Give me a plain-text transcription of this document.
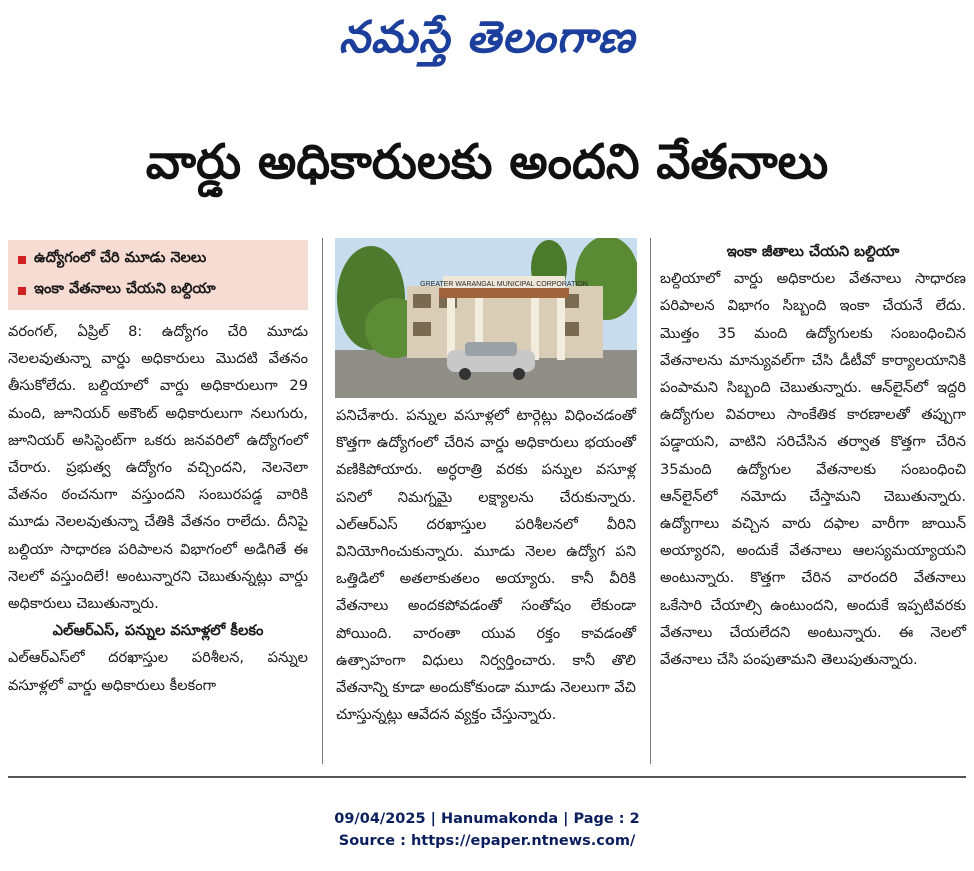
నమస్తే తెలంగాణ
వార్డు అధికారులకు అందని వేతనాలు
ఉద్యోగంలో చేరి మూడు నెలలు
ఇంకా వేతనాలు చేయని బల్దియా
వరంగల్, ఏప్రిల్ 8: ఉద్యోగం చేరి మూడు నెలలవుతున్నా వార్డు అధికారులు మొదటి వేతనం తీసుకోలేదు. బల్దియాలో వార్డు అధికారులుగా 29 మంది, జూనియర్ అకౌంట్ అధికారులుగా నలుగురు, జూనియర్ అసిస్టెంట్‌గా ఒకరు జనవరిలో ఉద్యోగంలో చేరారు. ప్రభుత్వ ఉద్యోగం వచ్చిందని, నెలనెలా వేతనం ఠంచనుగా వస్తుందని సంబురపడ్డ వారికి మూడు నెలలవుతున్నా చేతికి వేతనం రాలేదు. దీనిపై బల్దియా సాధారణ పరిపాలన విభాగంలో అడిగితే ఈ నెలలో వస్తుందిలే! అంటున్నారని చెబుతున్నట్లు వార్డు అధికారులు చెబుతున్నారు.
ఎల్‌ఆర్‌ఎస్, పన్నుల వసూళ్లలో కీలకం
ఎల్‌ఆర్‌ఎస్‌లో దరఖాస్తుల పరిశీలన, పన్నుల వసూళ్లలో వార్డు అధికారులు కీలకంగా
GREATER WARANGAL MUNICIPAL CORPORATION
పనిచేశారు. పన్నుల వసూళ్లలో టార్గెట్లు విధించడంతో కొత్తగా ఉద్యోగంలో చేరిన వార్డు అధికారులు భయంతో వణికిపోయారు. అర్ధరాత్రి వరకు పన్నుల వసూళ్ల పనిలో నిమగ్నమై లక్ష్యాలను చేరుకున్నారు. ఎల్‌ఆర్‌ఎస్ దరఖాస్తుల పరిశీలనలో వీరిని వినియోగించుకున్నారు. మూడు నెలల ఉద్యోగ పని ఒత్తిడిలో అతలాకుతలం అయ్యారు. కానీ వీరికి వేతనాలు అందకపోవడంతో సంతోషం లేకుండా పోయింది. వారంతా యువ రక్తం కావడంతో ఉత్సాహంగా విధులు నిర్వర్తించారు. కానీ తొలి వేతనాన్ని కూడా అందుకోకుండా మూడు నెలలుగా వేచి చూస్తున్నట్లు ఆవేదన వ్యక్తం చేస్తున్నారు.
ఇంకా జీతాలు చేయని బల్దియా
బల్దియాలో వార్డు అధికారుల వేతనాలు సాధారణ పరిపాలన విభాగం సిబ్బంది ఇంకా చేయనే లేదు. మొత్తం 35 మంది ఉద్యోగులకు సంబంధించిన వేతనాలను మాన్యువల్‌గా చేసి డీటీవో కార్యాలయానికి పంపామని సిబ్బంది చెబుతున్నారు. ఆన్‌లైన్‌లో ఇద్దరి ఉద్యోగుల వివరాలు సాంకేతిక కారణాలతో తప్పుగా పడ్డాయని, వాటిని సరిచేసిన తర్వాత కొత్తగా చేరిన 35మంది ఉద్యోగుల వేతనాలకు సంబంధించి ఆన్‌లైన్‌లో నమోదు చేస్తామని చెబుతున్నారు. ఉద్యోగాలు వచ్చిన వారు దఫాల వారీగా జాయిన్ అయ్యారని, అందుకే వేతనాలు ఆలస్యమయ్యాయని అంటున్నారు. కొత్తగా చేరిన వారందరి వేతనాలు ఒకేసారి చేయాల్సి ఉంటుందని, అందుకే ఇప్పటివరకు వేతనాలు చేయలేదని అంటున్నారు. ఈ నెలలో వేతనాలు చేసి పంపుతామని తెలుపుతున్నారు.
09/04/2025 | Hanumakonda | Page : 2
Source : https://epaper.ntnews.com/
